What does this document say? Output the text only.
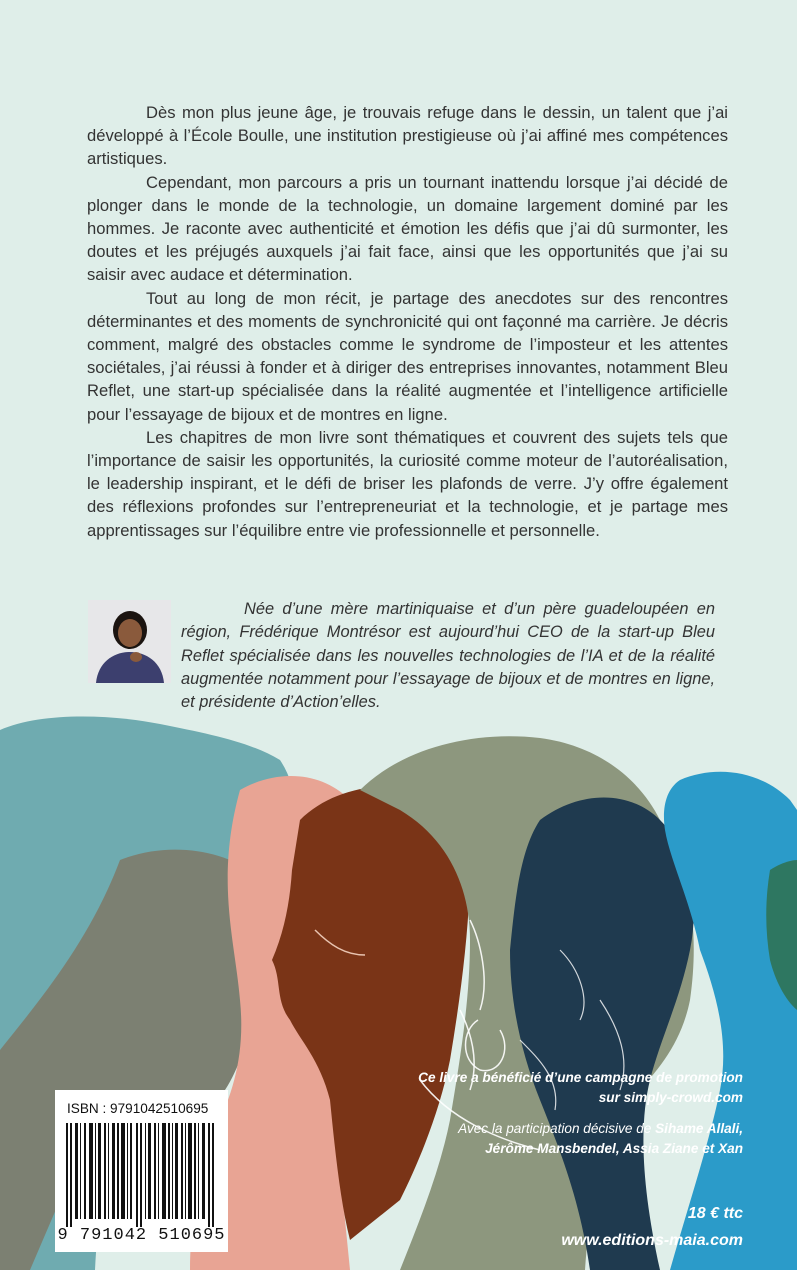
Dès mon plus jeune âge, je trouvais refuge dans le dessin, un talent que j’ai développé à l’École Boulle, une institution prestigieuse où j’ai affiné mes compétences artistiques.

Cependant, mon parcours a pris un tournant inattendu lorsque j’ai décidé de plonger dans le monde de la technologie, un domaine largement dominé par les hommes. Je raconte avec authenticité et émotion les défis que j’ai dû surmonter, les doutes et les préjugés auxquels j’ai fait face, ainsi que les opportunités que j’ai su saisir avec audace et détermination.

Tout au long de mon récit, je partage des anecdotes sur des rencontres déterminantes et des moments de synchronicité qui ont façonné ma carrière. Je décris comment, malgré des obstacles comme le syndrome de l’imposteur et les attentes sociétales, j’ai réussi à fonder et à diriger des entreprises innovantes, notamment Bleu Reflet, une start-up spécialisée dans la réalité augmentée et l’intelligence artificielle pour l’essayage de bijoux et de montres en ligne.

Les chapitres de mon livre sont thématiques et couvrent des sujets tels que l’importance de saisir les opportunités, la curiosité comme moteur de l’autoréalisation, le leadership inspirant, et le défi de briser les plafonds de verre. J’y offre également des réflexions profondes sur l’entrepreneuriat et la technologie, et je partage mes apprentissages sur l’équilibre entre vie professionnelle et personnelle.

Née d’une mère martiniquaise et d’un père guadeloupéen en région, Frédérique Montrésor est aujourd’hui CEO de la start-up Bleu Reflet spécialisée dans les nouvelles technologies de l’IA et de la réalité augmentée notamment pour l’essayage de bijoux et de montres en ligne, et présidente d’Action’elles.

Ce livre a bénéficié d’une campagne de promotion

sur simply-crowd.com

Avec la participation décisive de Sihame Allali,

Jérôme Mansbendel, Assia Ziane et Xan

18 € ttc
www.editions-maia.com
ISBN : 9791042510695
9 791042 510695
